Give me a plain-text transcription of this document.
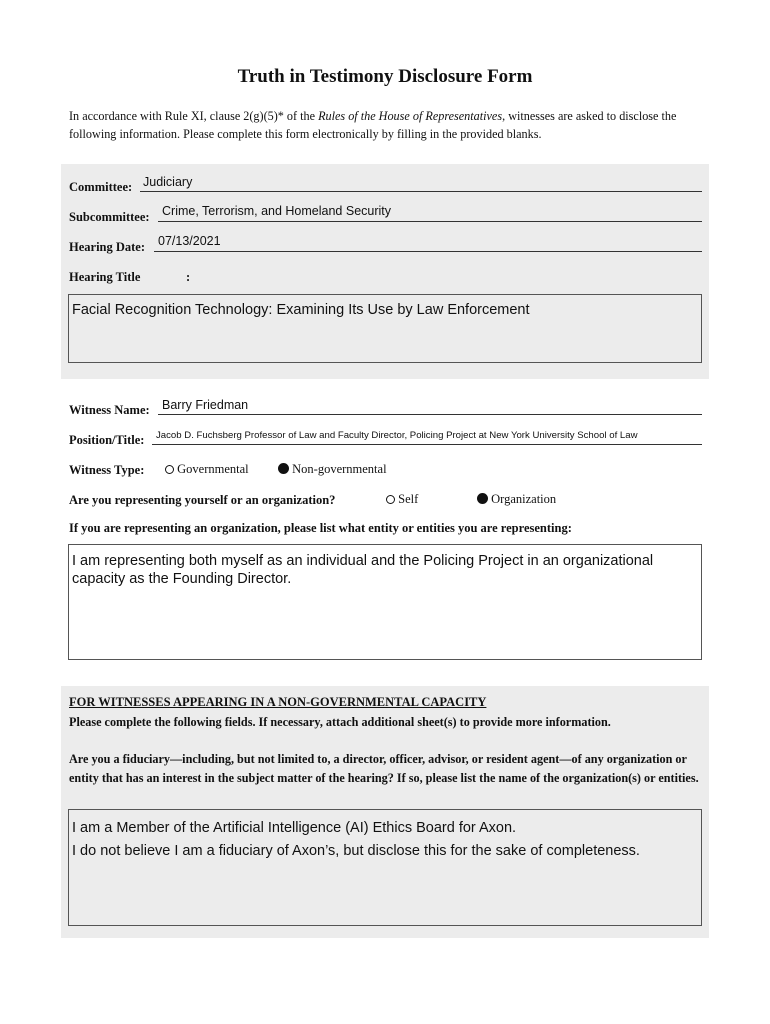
Truth in Testimony Disclosure Form
In accordance with Rule XI, clause 2(g)(5)* of the Rules of the House of Representatives, witnesses are asked to disclose the following information. Please complete this form electronically by filling in the provided blanks.
Committee: Judiciary
Subcommittee: Crime, Terrorism, and Homeland Security
Hearing Date: 07/13/2021
Hearing Title	:
Facial Recognition Technology: Examining Its Use by Law Enforcement
Witness Name: Barry Friedman
Position/Title: Jacob D. Fuchsberg Professor of Law and Faculty Director, Policing Project at New York University School of Law
Witness Type:	Governmental	Non-governmental
Are you representing yourself or an organization?	Self	Organization
If you are representing an organization, please list what entity or entities you are representing:
I am representing both myself as an individual and the Policing Project in an organizational capacity as the Founding Director.
FOR WITNESSES APPEARING IN A NON-GOVERNMENTAL CAPACITY
Please complete the following fields. If necessary, attach additional sheet(s) to provide more information.
Are you a fiduciary—including, but not limited to, a director, officer, advisor, or resident agent—of any organization or entity that has an interest in the subject matter of the hearing? If so, please list the name of the organization(s) or entities.
I am a Member of the Artificial Intelligence (AI) Ethics Board for Axon.
I do not believe I am a fiduciary of Axon’s, but disclose this for the sake of completeness.
